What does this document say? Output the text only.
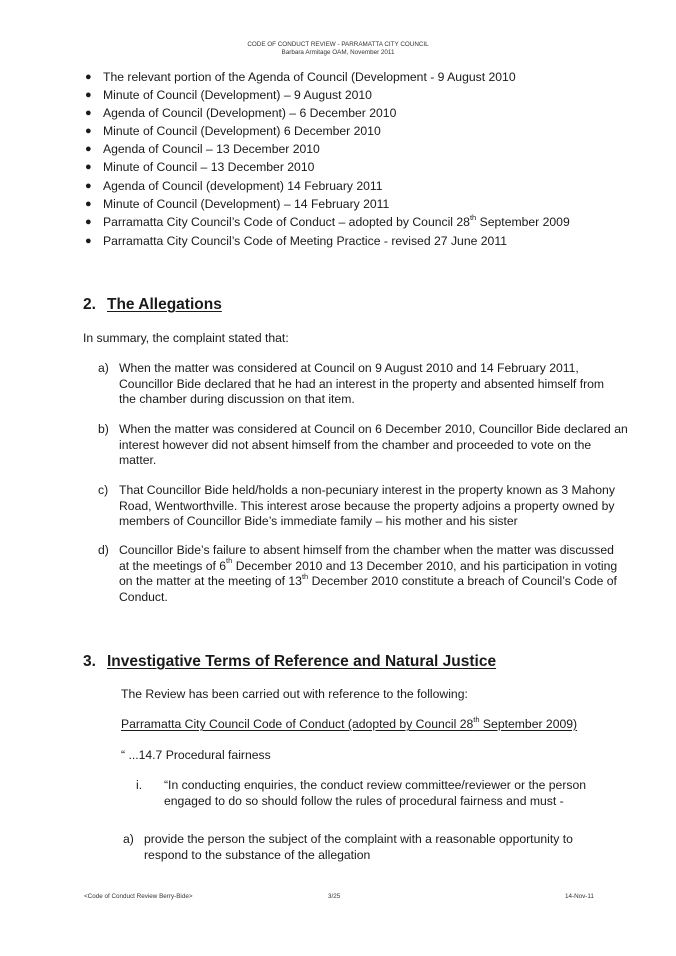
CODE OF CONDUCT REVIEW - PARRAMATTA CITY COUNCIL
Barbara Armitage OAM, November 2011
● The relevant portion of the Agenda of Council (Development - 9 August 2010
● Minute of Council (Development) – 9 August 2010
● Agenda of Council (Development) – 6 December 2010
● Minute of Council (Development) 6 December 2010
● Agenda of Council – 13 December 2010
● Minute of Council – 13 December 2010
● Agenda of Council (development) 14 February 2011
● Minute of Council (Development) – 14 February 2011
● Parramatta City Council’s Code of Conduct – adopted by Council 28th September 2009
● Parramatta City Council’s Code of Meeting Practice - revised 27 June 2011
2. The Allegations
In summary, the complaint stated that:
a) When the matter was considered at Council on 9 August 2010 and 14 February 2011,
Councillor Bide declared that he had an interest in the property and absented himself from
the chamber during discussion on that item.
b) When the matter was considered at Council on 6 December 2010, Councillor Bide declared an
interest however did not absent himself from the chamber and proceeded to vote on the
matter.
c) That Councillor Bide held/holds a non-pecuniary interest in the property known as 3 Mahony
Road, Wentworthville. This interest arose because the property adjoins a property owned by
members of Councillor Bide’s immediate family – his mother and his sister
d) Councillor Bide’s failure to absent himself from the chamber when the matter was discussed
at the meetings of 6th December 2010 and 13 December 2010, and his participation in voting
on the matter at the meeting of 13th December 2010 constitute a breach of Council’s Code of
Conduct.
3. Investigative Terms of Reference and Natural Justice
The Review has been carried out with reference to the following:
Parramatta City Council Code of Conduct (adopted by Council 28th September 2009)
“ ...14.7 Procedural fairness
i. “In conducting enquiries, the conduct review committee/reviewer or the person
engaged to do so should follow the rules of procedural fairness and must -
a) provide the person the subject of the complaint with a reasonable opportunity to
respond to the substance of the allegation
<Code of Conduct Review Berry-Bide>	3/25	14-Nov-11
